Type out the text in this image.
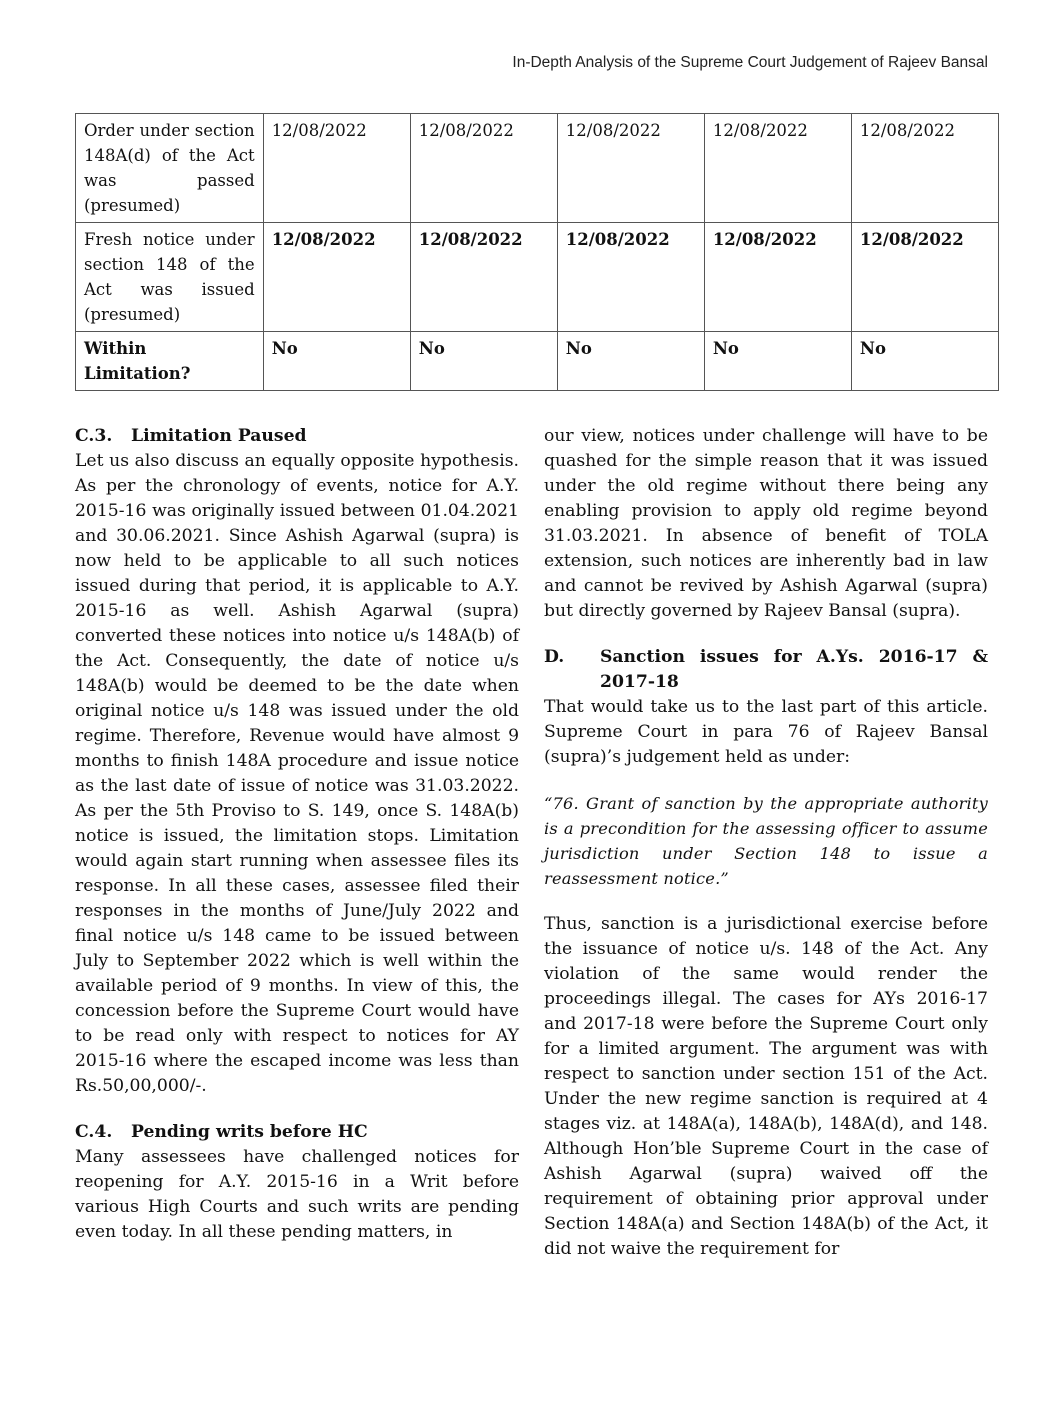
In-Depth Analysis of the Supreme Court Judgement of Rajeev Bansal
Order under section 148A(d) of the Act was passed (presumed)	12/08/2022	12/08/2022	12/08/2022	12/08/2022	12/08/2022
Fresh notice under section 148 of the Act was issued (presumed)	12/08/2022	12/08/2022	12/08/2022	12/08/2022	12/08/2022
Within Limitation?	No	No	No	No	No
C.3.	Limitation Paused

Let us also discuss an equally opposite hypothesis. As per the chronology of events, notice for A.Y. 2015-16 was originally issued between 01.04.2021 and 30.06.2021. Since Ashish Agarwal (supra) is now held to be applicable to all such notices issued during that period, it is applicable to A.Y. 2015-16 as well. Ashish Agarwal (supra) converted these notices into notice u/s 148A(b) of the Act. Consequently, the date of notice u/s 148A(b) would be deemed to be the date when original notice u/s 148 was issued under the old regime. Therefore, Revenue would have almost 9 months to finish 148A procedure and issue notice as the last date of issue of notice was 31.03.2022. As per the 5th Proviso to S. 149, once S. 148A(b) notice is issued, the limitation stops. Limitation would again start running when assessee files its response. In all these cases, assessee filed their responses in the months of June/July 2022 and final notice u/s 148 came to be issued between July to September 2022 which is well within the available period of 9 months. In view of this, the concession before the Supreme Court would have to be read only with respect to notices for AY 2015-16 where the escaped income was less than Rs.50,00,000/-.

C.4.	Pending writs before HC

Many assessees have challenged notices for reopening for A.Y. 2015-16 in a Writ before various High Courts and such writs are pending even today. In all these pending matters, in

our view, notices under challenge will have to be quashed for the simple reason that it was issued under the old regime without there being any enabling provision to apply old regime beyond 31.03.2021. In absence of benefit of TOLA extension, such notices are inherently bad in law and cannot be revived by Ashish Agarwal (supra) but directly governed by Rajeev Bansal (supra).

D.	Sanction issues for A.Ys. 2016-17 & 2017-18

That would take us to the last part of this article. Supreme Court in para 76 of Rajeev Bansal (supra)’s judgement held as under:

“76. Grant of sanction by the appropriate authority is a precondition for the assessing officer to assume jurisdiction under Section 148 to issue a reassessment notice.”

Thus, sanction is a jurisdictional exercise before the issuance of notice u/s. 148 of the Act. Any violation of the same would render the proceedings illegal. The cases for AYs 2016-17 and 2017-18 were before the Supreme Court only for a limited argument. The argument was with respect to sanction under section 151 of the Act. Under the new regime sanction is required at 4 stages viz. at 148A(a), 148A(b), 148A(d), and 148. Although Hon’ble Supreme Court in the case of Ashish Agarwal (supra) waived off the requirement of obtaining prior approval under Section 148A(a) and Section 148A(b) of the Act, it did not waive the requirement for
